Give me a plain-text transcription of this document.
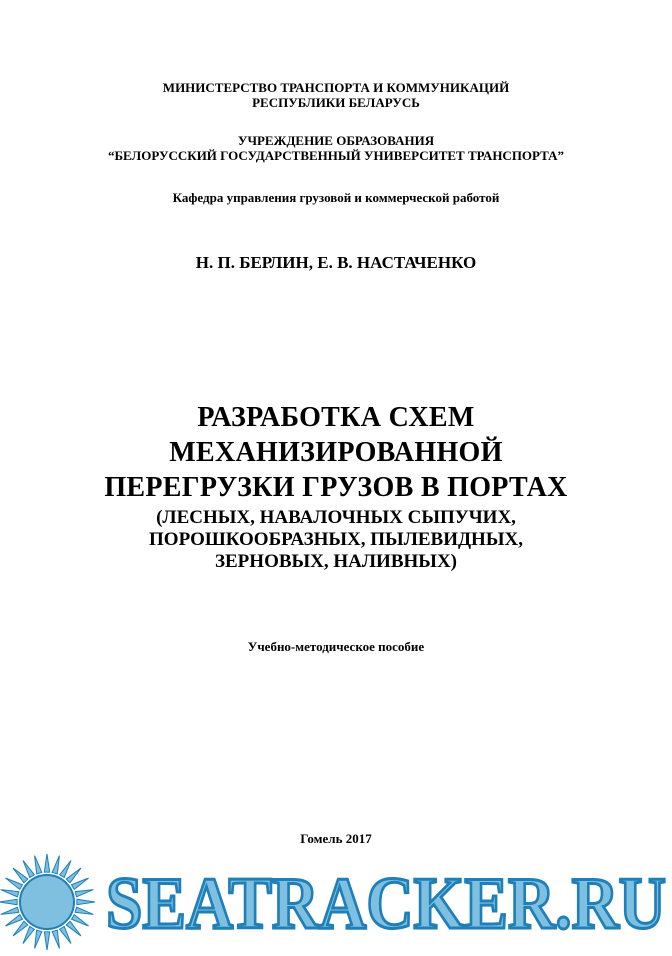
МИНИСТЕРСТВО ТРАНСПОРТА И КОММУНИКАЦИЙ
РЕСПУБЛИКИ БЕЛАРУСЬ
УЧРЕЖДЕНИЕ ОБРАЗОВАНИЯ
“БЕЛОРУССКИЙ ГОСУДАРСТВЕННЫЙ УНИВЕРСИТЕТ ТРАНСПОРТА”
Кафедра управления грузовой и коммерческой работой
Н. П. БЕРЛИН, Е. В. НАСТАЧЕНКО
РАЗРАБОТКА СХЕМ
МЕХАНИЗИРОВАННОЙ
ПЕРЕГРУЗКИ ГРУЗОВ В ПОРТАХ
(ЛЕСНЫХ, НАВАЛОЧНЫХ СЫПУЧИХ,
ПОРОШКООБРАЗНЫХ, ПЫЛЕВИДНЫХ,
ЗЕРНОВЫХ, НАЛИВНЫХ)
Учебно-методическое пособие
Гомель 2017
SEATRACKER.RU
